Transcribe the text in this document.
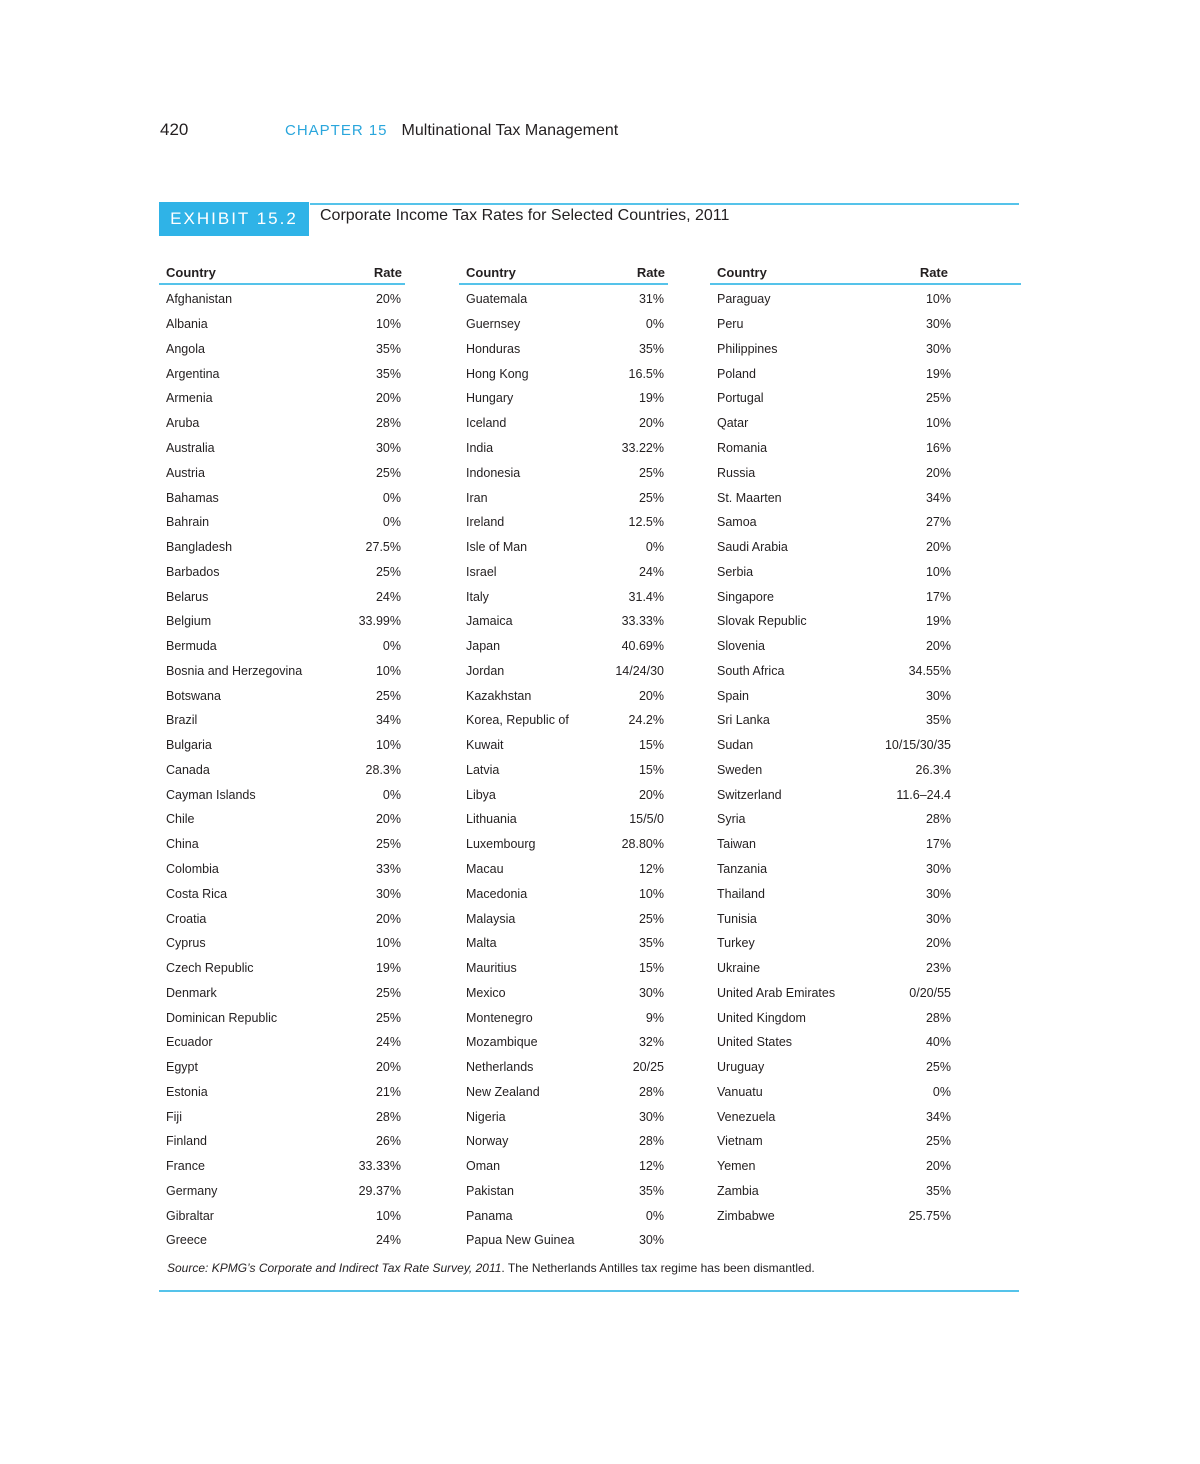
420	CHAPTER 15 Multinational Tax Management
EXHIBIT 15.2	Corporate Income Tax Rates for Selected Countries, 2011
Country	Rate
Afghanistan	20%
Albania	10%
Angola	35%
Argentina	35%
Armenia	20%
Aruba	28%
Australia	30%
Austria	25%
Bahamas	0%
Bahrain	0%
Bangladesh	27.5%
Barbados	25%
Belarus	24%
Belgium	33.99%
Bermuda	0%
Bosnia and Herzegovina	10%
Botswana	25%
Brazil	34%
Bulgaria	10%
Canada	28.3%
Cayman Islands	0%
Chile	20%
China	25%
Colombia	33%
Costa Rica	30%
Croatia	20%
Cyprus	10%
Czech Republic	19%
Denmark	25%
Dominican Republic	25%
Ecuador	24%
Egypt	20%
Estonia	21%
Fiji	28%
Finland	26%
France	33.33%
Germany	29.37%
Gibraltar	10%
Greece	24%
Country	Rate
Guatemala	31%
Guernsey	0%
Honduras	35%
Hong Kong	16.5%
Hungary	19%
Iceland	20%
India	33.22%
Indonesia	25%
Iran	25%
Ireland	12.5%
Isle of Man	0%
Israel	24%
Italy	31.4%
Jamaica	33.33%
Japan	40.69%
Jordan	14/24/30
Kazakhstan	20%
Korea, Republic of	24.2%
Kuwait	15%
Latvia	15%
Libya	20%
Lithuania	15/5/0
Luxembourg	28.80%
Macau	12%
Macedonia	10%
Malaysia	25%
Malta	35%
Mauritius	15%
Mexico	30%
Montenegro	9%
Mozambique	32%
Netherlands	20/25
New Zealand	28%
Nigeria	30%
Norway	28%
Oman	12%
Pakistan	35%
Panama	0%
Papua New Guinea	30%
Country	Rate
Paraguay	10%
Peru	30%
Philippines	30%
Poland	19%
Portugal	25%
Qatar	10%
Romania	16%
Russia	20%
St. Maarten	34%
Samoa	27%
Saudi Arabia	20%
Serbia	10%
Singapore	17%
Slovak Republic	19%
Slovenia	20%
South Africa	34.55%
Spain	30%
Sri Lanka	35%
Sudan	10/15/30/35
Sweden	26.3%
Switzerland	11.6–24.4
Syria	28%
Taiwan	17%
Tanzania	30%
Thailand	30%
Tunisia	30%
Turkey	20%
Ukraine	23%
United Arab Emirates	0/20/55
United Kingdom	28%
United States	40%
Uruguay	25%
Vanuatu	0%
Venezuela	34%
Vietnam	25%
Yemen	20%
Zambia	35%
Zimbabwe	25.75%
Source: KPMG’s Corporate and Indirect Tax Rate Survey, 2011. The Netherlands Antilles tax regime has been dismantled.
